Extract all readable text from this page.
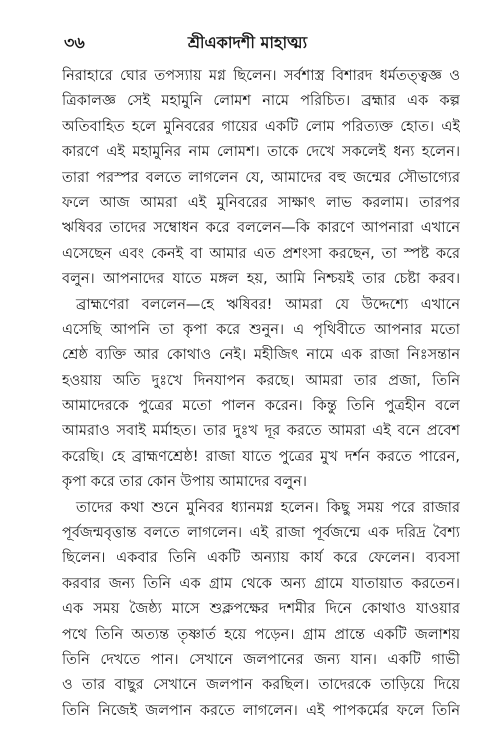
৩৬	শ্রীএকাদশী মাহাত্ম্য
নিরাহারে ঘোর তপস্যায় মগ্ন ছিলেন। সর্বশাস্ত্র বিশারদ ধর্মতত্ত্বজ্ঞ ও
ত্রিকালজ্ঞ সেই মহামুনি লোমশ নামে পরিচিত। ব্রহ্মার এক কল্প
অতিবাহিত হলে মুনিবরের গায়ের একটি লোম পরিত্যক্ত হোত। এই
কারণে এই মহামুনির নাম লোমশ। তাকে দেখে সকলেই ধন্য হলেন।
তারা পরস্পর বলতে লাগলেন যে, আমাদের বহু জন্মের সৌভাগ্যের
ফলে আজ আমরা এই মুনিবরের সাক্ষাৎ লাভ করলাম। তারপর
ঋষিবর তাদের সম্বোধন করে বললেন—কি কারণে আপনারা এখানে
এসেছেন এবং কেনই বা আমার এত প্রশংসা করছেন, তা স্পষ্ট করে
বলুন। আপনাদের যাতে মঙ্গল হয়, আমি নিশ্চয়ই তার চেষ্টা করব।
ব্রাহ্মণেরা বললেন—হে ঋষিবর! আমরা যে উদ্দেশ্যে এখানে
এসেছি আপনি তা কৃপা করে শুনুন। এ পৃথিবীতে আপনার মতো
শ্রেষ্ঠ ব্যক্তি আর কোথাও নেই। মহীজিৎ নামে এক রাজা নিঃসন্তান
হওয়ায় অতি দুঃখে দিনযাপন করছে। আমরা তার প্রজা, তিনি
আমাদেরকে পুত্রের মতো পালন করেন। কিন্তু তিনি পুত্রহীন বলে
আমরাও সবাই মর্মাহত। তার দুঃখ দূর করতে আমরা এই বনে প্রবেশ
করেছি। হে ব্রাহ্মণশ্রেষ্ঠ! রাজা যাতে পুত্রের মুখ দর্শন করতে পারেন,
কৃপা করে তার কোন উপায় আমাদের বলুন।
তাদের কথা শুনে মুনিবর ধ্যানমগ্ন হলেন। কিছু সময় পরে রাজার
পূর্বজন্মবৃত্তান্ত বলতে লাগলেন। এই রাজা পূর্বজন্মে এক দরিদ্র বৈশ্য
ছিলেন। একবার তিনি একটি অন্যায় কার্য করে ফেলেন। ব্যবসা
করবার জন্য তিনি এক গ্রাম থেকে অন্য গ্রামে যাতায়াত করতেন।
এক সময় জৈষ্ঠ্য মাসে শুক্লপক্ষের দশমীর দিনে কোথাও যাওয়ার
পথে তিনি অত্যন্ত তৃষ্ণার্ত হয়ে পড়েন। গ্রাম প্রান্তে একটি জলাশয়
তিনি দেখতে পান। সেখানে জলপানের জন্য যান। একটি গাভী
ও তার বাছুর সেখানে জলপান করছিল। তাদেরকে তাড়িয়ে দিয়ে
তিনি নিজেই জলপান করতে লাগলেন। এই পাপকর্মের ফলে তিনি
